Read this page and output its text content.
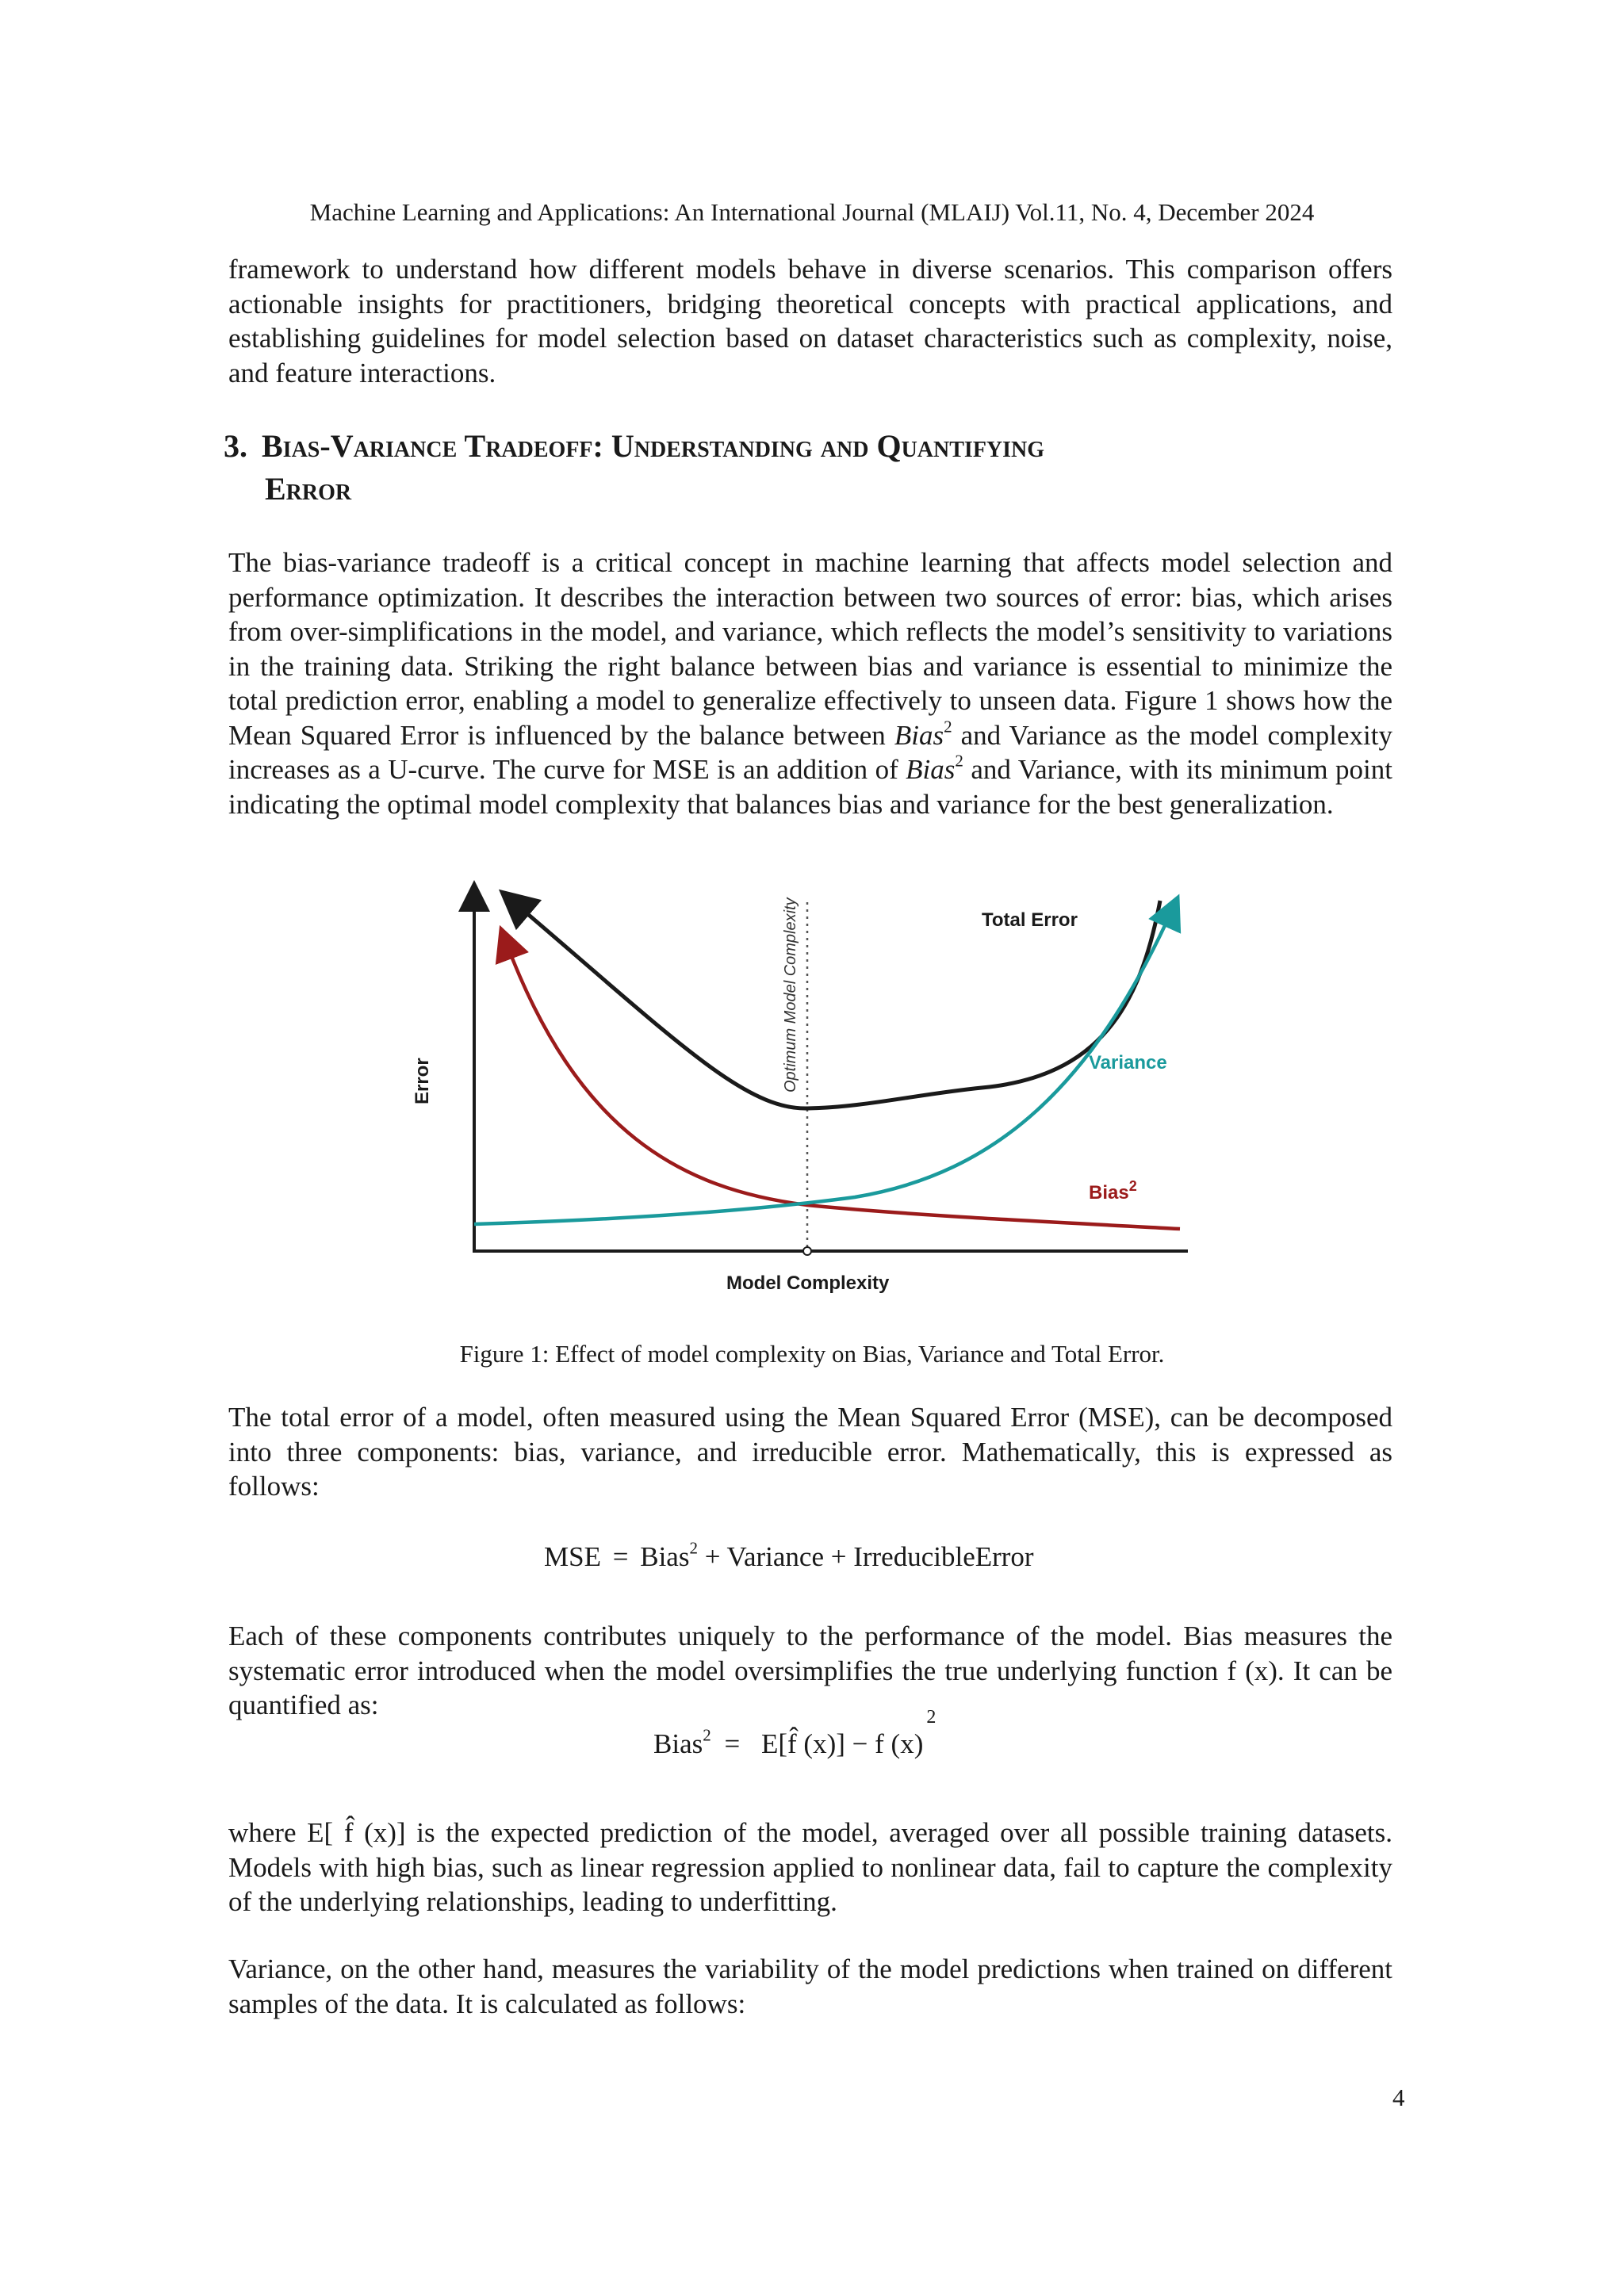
Machine Learning and Applications: An International Journal (MLAIJ) Vol.11, No. 4, December 2024
framework to understand how different models behave in diverse scenarios. This comparison offers actionable insights for practitioners, bridging theoretical concepts with practical applications, and establishing guidelines for model selection based on dataset characteristics such as complexity, noise, and feature interactions.
3. Bias-Variance Tradeoff: Understanding and Quantifying
Error
The bias-variance tradeoff is a critical concept in machine learning that affects model selection and performance optimization. It describes the interaction between two sources of error: bias, which arises from over-simplifications in the model, and variance, which reflects the model’s sensitivity to variations in the training data. Striking the right balance between bias and variance is essential to minimize the total prediction error, enabling a model to generalize effectively to unseen data. Figure 1 shows how the Mean Squared Error is influenced by the balance between Bias$^2$ and Variance as the model complexity increases as a U-curve. The curve for MSE is an addition of Bias$^2$ and Variance, with its minimum point indicating the optimal model complexity that balances bias and variance for the best generalization.
Total Error
Variance
Bias$^2$
Model Complexity
Error	Optimum Model Complexity
Figure 1: Effect of model complexity on Bias, Variance and Total Error.
The total error of a model, often measured using the Mean Squared Error (MSE), can be decomposed into three components: bias, variance, and irreducible error. Mathematically, this is expressed as follows:
MSE = Bias$^2$ + Variance + IrreducibleError
Each of these components contributes uniquely to the performance of the model. Bias measures the systematic error introduced when the model oversimplifies the true underlying function f (x). It can be quantified as:
Bias$^2$ = E[f̂ (x)] − f $(x)^2$
where E[ f̂ (x)] is the expected prediction of the model, averaged over all possible training datasets. Models with high bias, such as linear regression applied to nonlinear data, fail to capture the complexity of the underlying relationships, leading to underfitting.
Variance, on the other hand, measures the variability of the model predictions when trained on different samples of the data. It is calculated as follows:
4
